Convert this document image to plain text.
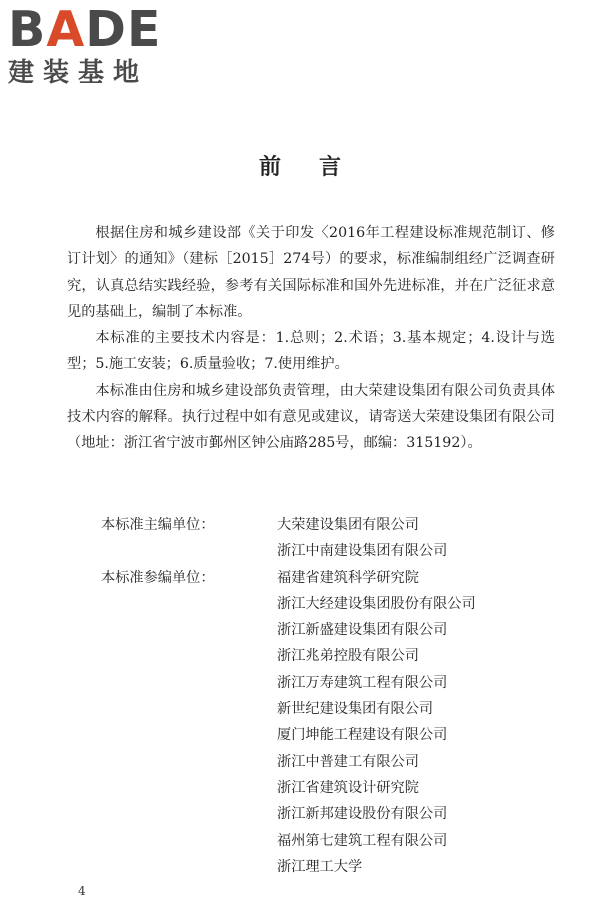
BADE
建装基地
前言

根据住房和城乡建设部《关于印发〈2016年工程建设标准规范制订、修订计划〉的通知》（建标［2015］274号）的要求，标准编制组经广泛调查研究，认真总结实践经验，参考有关国际标准和国外先进标准，并在广泛征求意见的基础上，编制了本标准。

本标准的主要技术内容是：1.总则；2.术语；3.基本规定；4.设计与选型；5.施工安装；6.质量验收；7.使用维护。

本标准由住房和城乡建设部负责管理，由大荣建设集团有限公司负责具体技术内容的解释。执行过程中如有意见或建议，请寄送大荣建设集团有限公司（地址：浙江省宁波市鄞州区钟公庙路285号，邮编：315192）。

本标准主编单位：	大荣建设集团有限公司
浙江中南建设集团有限公司
本标准参编单位：	福建省建筑科学研究院
浙江大经建设集团股份有限公司
浙江新盛建设集团有限公司
浙江兆弟控股有限公司
浙江万寿建筑工程有限公司
新世纪建设集团有限公司
厦门坤能工程建设有限公司
浙江中普建工有限公司
浙江省建筑设计研究院
浙江新邦建设股份有限公司
福州第七建筑工程有限公司
浙江理工大学
4
